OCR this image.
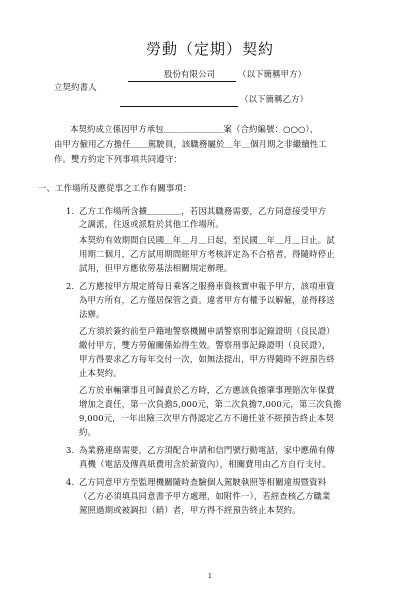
勞動（定期）契約
股份有限公司	（以下簡稱甲方）
立契約書人
（以下簡稱乙方）
本契約成立係因甲方承包＿＿＿＿＿＿＿案（合約編號：○○○），
由甲方僱用乙方擔任＿＿駕駛員，該職務屬於＿年＿個月期之非繼續性工
作。雙方約定下列事項共同遵守：
一、工作場所及應從事之工作有關事項：
1. 乙方工作場所含擴＿＿＿＿，若因其職務需要，乙方同意接受甲方
之調派，往返或派駐於其他工作場所。
本契約有效期間自民國＿年＿月＿日起，至民國＿年＿月＿日止。試
用期二個月，乙方試用期間經甲方考核評定為不合格者，得隨時停止
試用，但甲方應依勞基法相關規定辦理。
2. 乙方應按甲方規定將每日乘客之服務車資核實申報予甲方，該項車資
為甲方所有，乙方僅居保管之責。違者甲方有權予以解僱，並得移送
法辦。
乙方須於簽約前至戶籍地警察機關申請警察刑事記錄證明（良民證）
繳付甲方，雙方勞僱關係始得生效。警察刑事記錄證明（良民證），
甲方得要求乙方每年交付一次，如無法提出，甲方得隨時不經預告終
止本契約。
乙方於車輛肇事且可歸責於乙方時，乙方應該負擔肇事理賠次年保費
增加之責任，第一次負擔5,000元，第二次負擔7,000元，第三次負擔
9,000元，一年出險三次甲方得認定乙方不適任並不經預告終止本契
約。
3. 為業務連絡需要，乙方須配合申請和信門號行動電話，家中應備有傳
真機（電話及傳真紙費用含於薪資內），相關費用由乙方自行支付。
4. 乙方同意甲方至監理機關隨時查驗個人駕駛執照等相關違規暨資料
（乙方必須填具同意書予甲方處理，如附件一），若經查核乙方職業
駕照過期或被調扣（銷）者，甲方得不經預告終止本契約。
1
